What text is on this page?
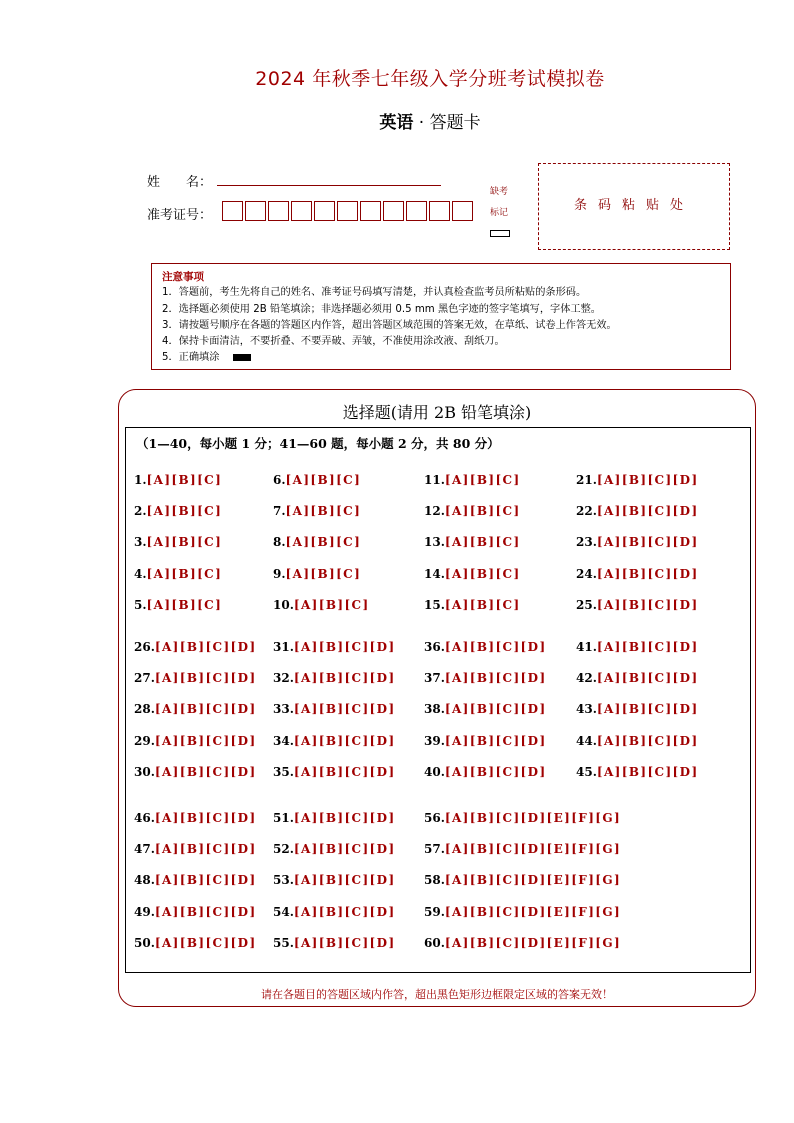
2024 年秋季七年级入学分班考试模拟卷
英语 · 答题卡
姓　　名：
准考证号：
缺考
标记	条码粘贴处
注意事项
1．答题前，考生先将自己的姓名、准考证号码填写清楚，并认真检查监考员所粘贴的条形码。
2．选择题必须使用 2B 铅笔填涂；非选择题必须用 0.5 mm 黑色字迹的签字笔填写，字体工整。
3．请按题号顺序在各题的答题区内作答，超出答题区域范围的答案无效，在草纸、试卷上作答无效。
4．保持卡面清洁，不要折叠、不要弄破、弄皱，不准使用涂改液、刮纸刀。
5．正确填涂
选择题(请用 2B 铅笔填涂)
（1—40，每小题 1 分；41—60 题，每小题 2 分，共 80 分）
1.[A][B][C]
2.[A][B][C]
3.[A][B][C]
4.[A][B][C]
5.[A][B][C]
6.[A][B][C]
7.[A][B][C]
8.[A][B][C]
9.[A][B][C]
10.[A][B][C]
11.[A][B][C]
12.[A][B][C]
13.[A][B][C]
14.[A][B][C]
15.[A][B][C]
21.[A][B][C][D]
22.[A][B][C][D]
23.[A][B][C][D]
24.[A][B][C][D]
25.[A][B][C][D]
26.[A][B][C][D]
27.[A][B][C][D]
28.[A][B][C][D]
29.[A][B][C][D]
30.[A][B][C][D]
31.[A][B][C][D]
32.[A][B][C][D]
33.[A][B][C][D]
34.[A][B][C][D]
35.[A][B][C][D]
36.[A][B][C][D]
37.[A][B][C][D]
38.[A][B][C][D]
39.[A][B][C][D]
40.[A][B][C][D]
41.[A][B][C][D]
42.[A][B][C][D]
43.[A][B][C][D]
44.[A][B][C][D]
45.[A][B][C][D]
46.[A][B][C][D]
47.[A][B][C][D]
48.[A][B][C][D]
49.[A][B][C][D]
50.[A][B][C][D]
51.[A][B][C][D]
52.[A][B][C][D]
53.[A][B][C][D]
54.[A][B][C][D]
55.[A][B][C][D]
56.[A][B][C][D][E][F][G]
57.[A][B][C][D][E][F][G]
58.[A][B][C][D][E][F][G]
59.[A][B][C][D][E][F][G]
60.[A][B][C][D][E][F][G]
请在各题目的答题区域内作答，超出黑色矩形边框限定区域的答案无效！
